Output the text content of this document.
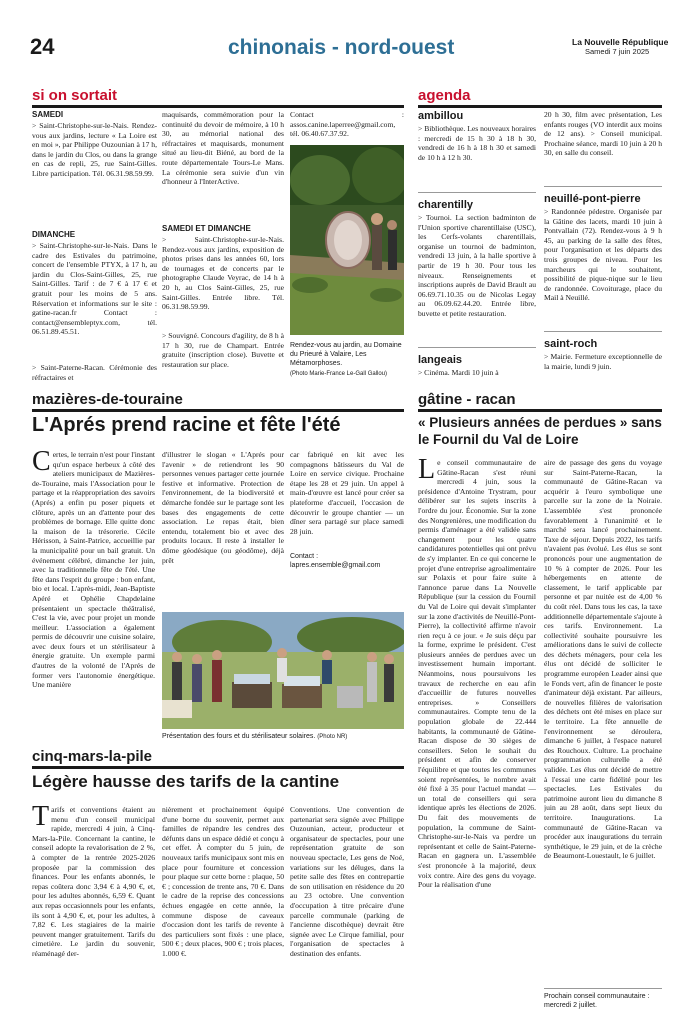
24	chinonais - nord-ouest	La Nouvelle République
Samedi 7 juin 2025
si on sortait
SAMEDI
> Saint-Christophe-sur-le-Nais. Rendez-vous aux jardins, lecture « La Loire est en moi », par Philippe Ouzounian à 17 h, dans le jardin du Clos, ou dans la grange en cas de repli, 25, rue Saint-Gilles. Libre participation. Tél. 06.31.98.59.99.
DIMANCHE
> Saint-Christophe-sur-le-Nais. Dans le cadre des Estivales du patrimoine, concert de l'ensemble PTYX, à 17 h, au jardin du Clos-Saint-Gilles, 25, rue Saint-Gilles. Tarif : de 7 € à 17 € et gratuit pour les moins de 5 ans. Réservation et informations sur le site : gatine-racan.fr Contact : contact@ensembleptyx.com, tél. 06.51.89.45.51.
> Saint-Paterne-Racan. Cérémonie des réfractaires et
maquisards, commémoration pour la continuité du devoir de mémoire, à 10 h 30, au mémorial national des réfractaires et maquisards, monument situé au lieu-dit Biéné, au bord de la route départementale Tours-Le Mans. La cérémonie sera suivie d'un vin d'honneur à l'InterActive.
SAMEDI ET DIMANCHE
> Saint-Christophe-sur-le-Nais. Rendez-vous aux jardins, exposition de photos prises dans les années 60, lors de tournages et de concerts par le photographe Claude Veyrac, de 14 h à 20 h, au Clos Saint-Gilles, 25, rue Saint-Gilles. Entrée libre. Tél. 06.31.98.59.99.
> Souvigné. Concours d'agility, de 8 h à 17 h 30, rue de Champart. Entrée gratuite (inscription close). Buvette et restauration sur place.
Contact : assos.canine.laperree@gmail.com, tél. 06.40.67.37.92.
Rendez-vous au jardin, au Domaine du Prieuré à Valaire, Les Métamorphoses.
(Photo Marie-France Le-Gall Gallou)
agenda
ambillou
> Bibliothèque. Les nouveaux horaires : mercredi de 15 h 30 à 18 h 30, vendredi de 16 h à 18 h 30 et samedi de 10 h à 12 h 30.
charentilly
> Tournoi. La section badminton de l'Union sportive charentillaise (USC), les Cerfs-volants charentillais, organise un tournoi de badminton, vendredi 13 juin, à la halle sportive à partir de 19 h 30. Pour tous les niveaux. Renseignements et inscriptions auprès de David Brault au 06.69.71.10.35 ou de Nicolas Legay au 06.09.62.44.20. Entrée libre, buvette et petite restauration.
langeais
> Cinéma. Mardi 10 juin à
20 h 30, film avec présentation, Les enfants rouges (VO interdit aux moins de 12 ans). > Conseil municipal. Prochaine séance, mardi 10 juin à 20 h 30, en salle du conseil.
neuillé-pont-pierre
> Randonnée pédestre. Organisée par la Gâtine des lacets, mardi 10 juin à Pontvallain (72). Rendez-vous à 9 h 45, au parking de la salle des fêtes, pour l'organisation et les départs des trois groupes de niveau. Pour les marcheurs qui le souhaitent, possibilité de pique-nique sur le lieu de randonnée. Covoiturage, place du Mail à Neuillé.
saint-roch
> Mairie. Fermeture exceptionnelle de la mairie, lundi 9 juin.
mazières-de-touraine
L'Aprés prend racine et fête l'été
Certes, le terrain n'est pour l'instant qu'un espace herbeux à côté des ateliers municipaux de Mazières-de-Touraine, mais l'Association pour le partage et la réappropriation des savoirs (Aprés) a enfin pu poser piquets et clôture, après un an d'attente pour des problèmes de bornage. Elle quitte donc la maison de la trésorerie. Cécile Hérisson, à Saint-Patrice, accueillie par la municipalité pour un bail gratuit. Un événement célébré, dimanche 1er juin, avec la traditionnelle fête de l'été. Une fête dans l'esprit du groupe : bon enfant, bio et local. L'après-midi, Jean-Baptiste Apéré et Ophélie Chapdelaine présentaient un spectacle théâtralisé, C'est la vie, avec pour projet un monde meilleur. L'association a également permis de découvrir une cuisine solaire, avec deux fours et un stérilisateur à énergie gratuite. Un exemple parmi d'autres de la volonté de l'Aprés de former vers l'autonomie énergétique. Une manière
d'illustrer le slogan « L'Aprés pour l'avenir » de retiendront les 90 personnes venues partager cette journée festive et informative. Protection de l'environnement, de la biodiversité et démarche fondée sur le partage sont les bases des engagements de cette association. Le repas était, bien entendu, totalement bio et avec des produits locaux. Il reste à installer le dôme géodésique (ou géodôme), déjà prêt
car fabriqué en kit avec les compagnons bâtisseurs du Val de Loire en service civique. Prochaine étape les 28 et 29 juin. Un appel à main-d'œuvre est lancé pour créer sa plateforme d'accueil, l'occasion de découvrir le groupe chantier — un dîner sera partagé sur place samedi 28 juin.
Contact : lapres.ensemble@gmail.com
Présentation des fours et du stérilisateur solaires. (Photo NR)
cinq-mars-la-pile
Légère hausse des tarifs de la cantine
Tarifs et conventions étaient au menu d'un conseil municipal rapide, mercredi 4 juin, à Cinq-Mars-la-Pile. Concernant la cantine, le conseil adopte la revalorisation de 2 %, à compter de la rentrée 2025-2026 proposée par la commission des finances. Pour les enfants abonnés, le repas coûtera donc 3,94 € à 4,90 €, et, pour les adultes abonnés, 6,59 €. Quant aux repas occasionnels pour les enfants, ils sont à 4,90 €, et, pour les adultes, à 7,82 €. Les stagiaires de la mairie peuvent manger gratuitement. Tarifs du cimetière. Le jardin du souvenir, réaménagé der-
nièrement et prochainement équipé d'une borne du souvenir, permet aux familles de répandre les cendres des défunts dans un espace dédié et conçu à cet effet. À compter du 5 juin, de nouveaux tarifs municipaux sont mis en place pour fourniture et concession pour plaque sur cette borne : plaque, 50 € ; concession de trente ans, 70 €. Dans le cadre de la reprise des concessions échues engagée en cette année, la commune dispose de caveaux d'occasion dont les tarifs de revente à des particuliers sont fixés : une place, 500 € ; deux places, 900 € ; trois places, 1.000 €.
Conventions. Une convention de partenariat sera signée avec Philippe Ouzounian, acteur, producteur et organisateur de spectacles, pour une représentation gratuite de son nouveau spectacle, Les gens de Noé, variations sur les déluges, dans la petite salle des fêtes en contrepartie de son utilisation en résidence du 20 au 23 octobre. Une convention d'occupation à titre précaire d'une parcelle communale (parking de l'ancienne discothèque) devrait être signée avec Le Cirque familial, pour l'organisation de spectacles à destination des enfants.
gâtine - racan
« Plusieurs années de perdues » sans le Fournil du Val de Loire
Le conseil communautaire de Gâtine-Racan s'est réuni mercredi 4 juin, sous la présidence d'Antoine Trystram, pour délibérer sur les sujets inscrits à l'ordre du jour. Économie. Sur la zone des Nongrenières, une modification du permis d'aménager a été validée sans changement pour les quatre candidatures potentielles qui ont prévu de s'y implanter. En ce qui concerne le projet d'une entreprise agroalimentaire sur Polaxis et pour faire suite à l'annonce parue dans La Nouvelle République (sur la cession du Fournil du Val de Loire qui devait s'implanter sur la zone d'activités de Neuillé-Pont-Pierre), la collectivité affirme n'avoir rien reçu à ce jour. « Je suis déçu par la forme, exprime le président. C'est plusieurs années de perdues avec un investissement humain important. Néanmoins, nous poursuivons les travaux de recherche en eau afin d'accueillir de futures nouvelles entreprises. » Conseillers communautaires. Compte tenu de la population globale de 22.444 habitants, la communauté de Gâtine-Racan dispose de 30 sièges de conseillers. Selon le souhait du président et afin de conserver l'équilibre et que toutes les communes soient représentées, le nombre avait été fixé à 35 pour l'actuel mandat — un total de conseillers qui sera identique après les élections de 2026. Du fait des mouvements de population, la commune de Saint-Christophe-sur-le-Nais va perdre un représentant et celle de Saint-Paterne-Racan en gagnera un. L'assemblée s'est prononcée à la majorité, deux voix contre. Aire des gens du voyage. Pour la réalisation d'une
aire de passage des gens du voyage sur Saint-Paterne-Racan, la communauté de Gâtine-Racan va acquérir à l'euro symbolique une parcelle sur la zone de la Noiraie. L'assemblée s'est prononcée favorablement à l'unanimité et le marché sera lancé prochainement. Taxe de séjour. Depuis 2022, les tarifs n'avaient pas évolué. Les élus se sont prononcés pour une augmentation de 10 % à compter de 2026. Pour les hébergements en attente de classement, le tarif applicable par personne et par nuitée est de 4,00 % du coût réel. Dans tous les cas, la taxe additionnelle départementale s'ajoute à ces tarifs. Environnement. La collectivité souhaite poursuivre les améliorations dans le suivi de collecte des déchets ménagers, pour cela les élus ont décidé de solliciter le programme européen Leader ainsi que le Fonds vert, afin de financer le poste d'animateur déjà existant. Par ailleurs, de nouvelles filières de valorisation des déchets ont été mises en place sur le territoire. La fête annuelle de l'environnement se déroulera, dimanche 6 juillet, à l'espace naturel des Rouchoux. Culture. La prochaine programmation culturelle a été validée. Les élus ont décidé de mettre à l'essai une carte fidélité pour les spectacles. Les Estivales du patrimoine auront lieu du dimanche 8 juin au 28 août, dans sept lieux du territoire. Inaugurations. La communauté de Gâtine-Racan va procéder aux inaugurations du terrain synthétique, le 29 juin, et de la crèche de Beaumont-Louestault, le 6 juillet.
Prochain conseil communautaire : mercredi 2 juillet.
